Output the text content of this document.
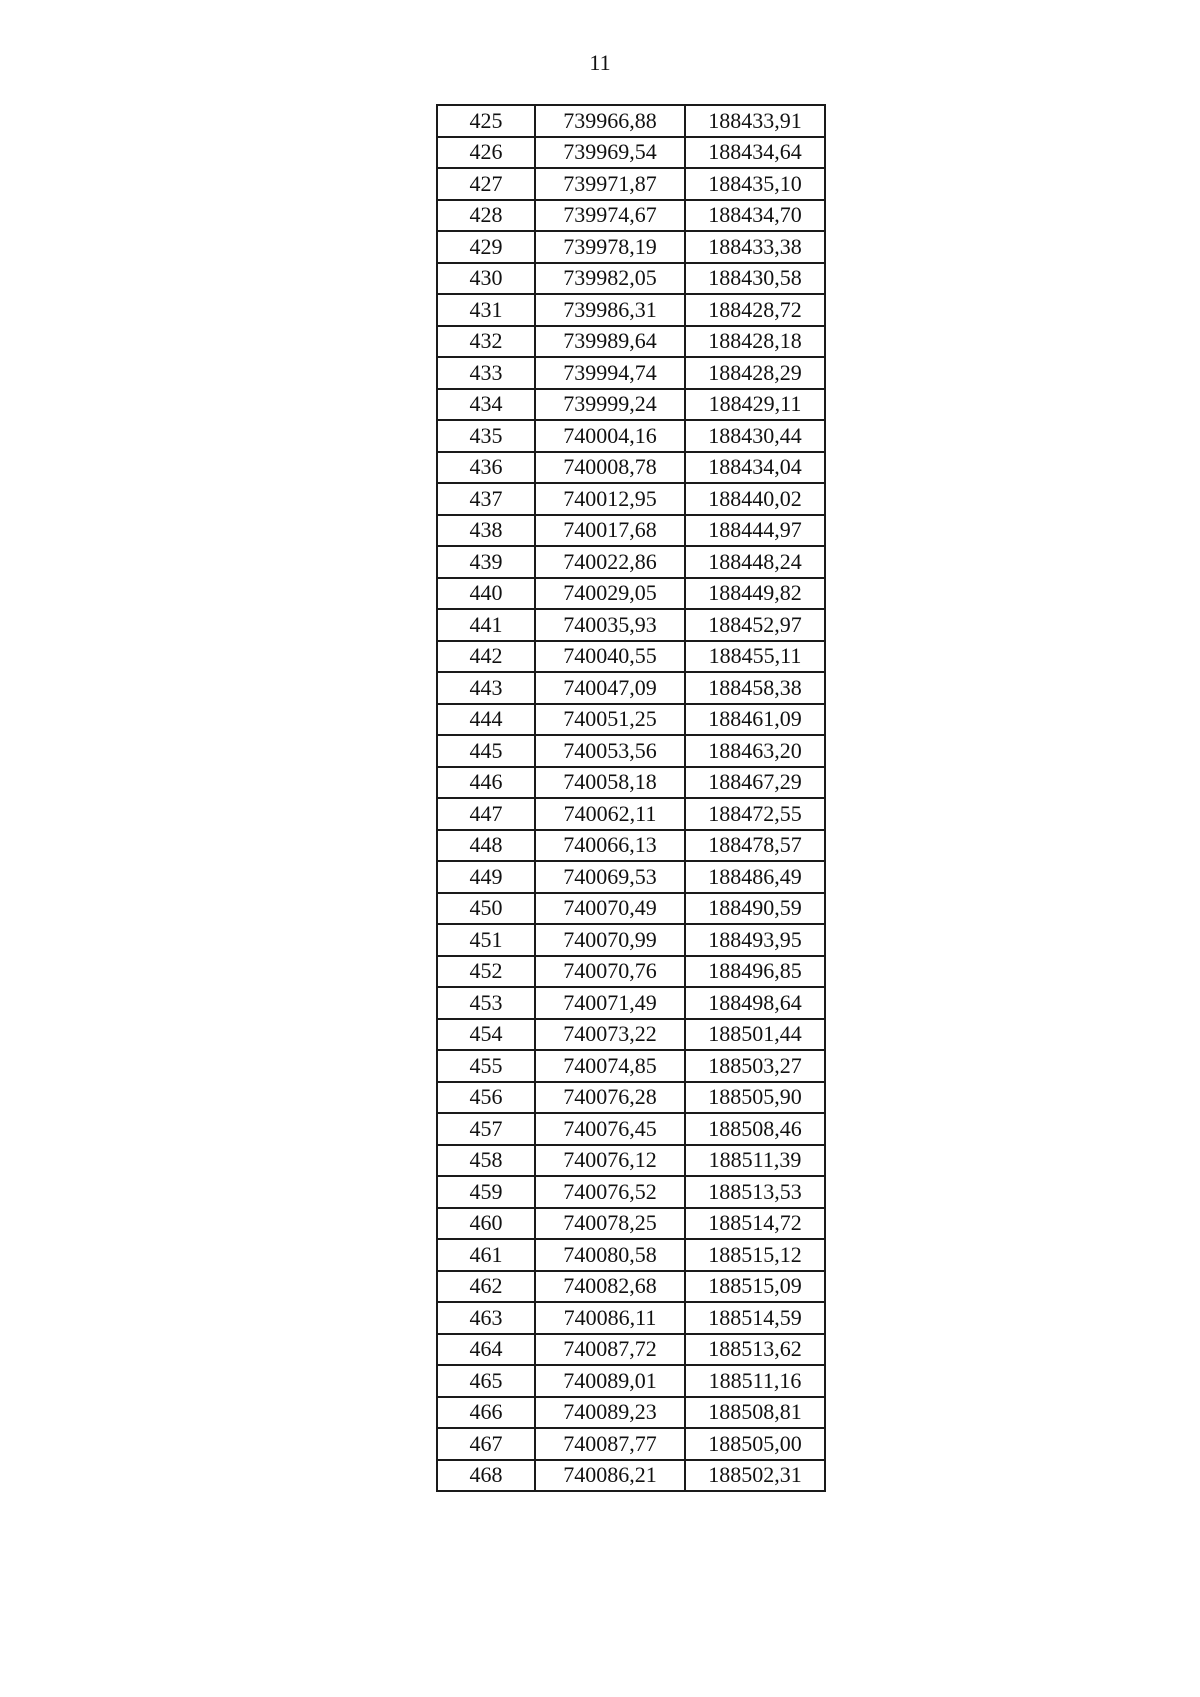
11
425	739966,88	188433,91
426	739969,54	188434,64
427	739971,87	188435,10
428	739974,67	188434,70
429	739978,19	188433,38
430	739982,05	188430,58
431	739986,31	188428,72
432	739989,64	188428,18
433	739994,74	188428,29
434	739999,24	188429,11
435	740004,16	188430,44
436	740008,78	188434,04
437	740012,95	188440,02
438	740017,68	188444,97
439	740022,86	188448,24
440	740029,05	188449,82
441	740035,93	188452,97
442	740040,55	188455,11
443	740047,09	188458,38
444	740051,25	188461,09
445	740053,56	188463,20
446	740058,18	188467,29
447	740062,11	188472,55
448	740066,13	188478,57
449	740069,53	188486,49
450	740070,49	188490,59
451	740070,99	188493,95
452	740070,76	188496,85
453	740071,49	188498,64
454	740073,22	188501,44
455	740074,85	188503,27
456	740076,28	188505,90
457	740076,45	188508,46
458	740076,12	188511,39
459	740076,52	188513,53
460	740078,25	188514,72
461	740080,58	188515,12
462	740082,68	188515,09
463	740086,11	188514,59
464	740087,72	188513,62
465	740089,01	188511,16
466	740089,23	188508,81
467	740087,77	188505,00
468	740086,21	188502,31
